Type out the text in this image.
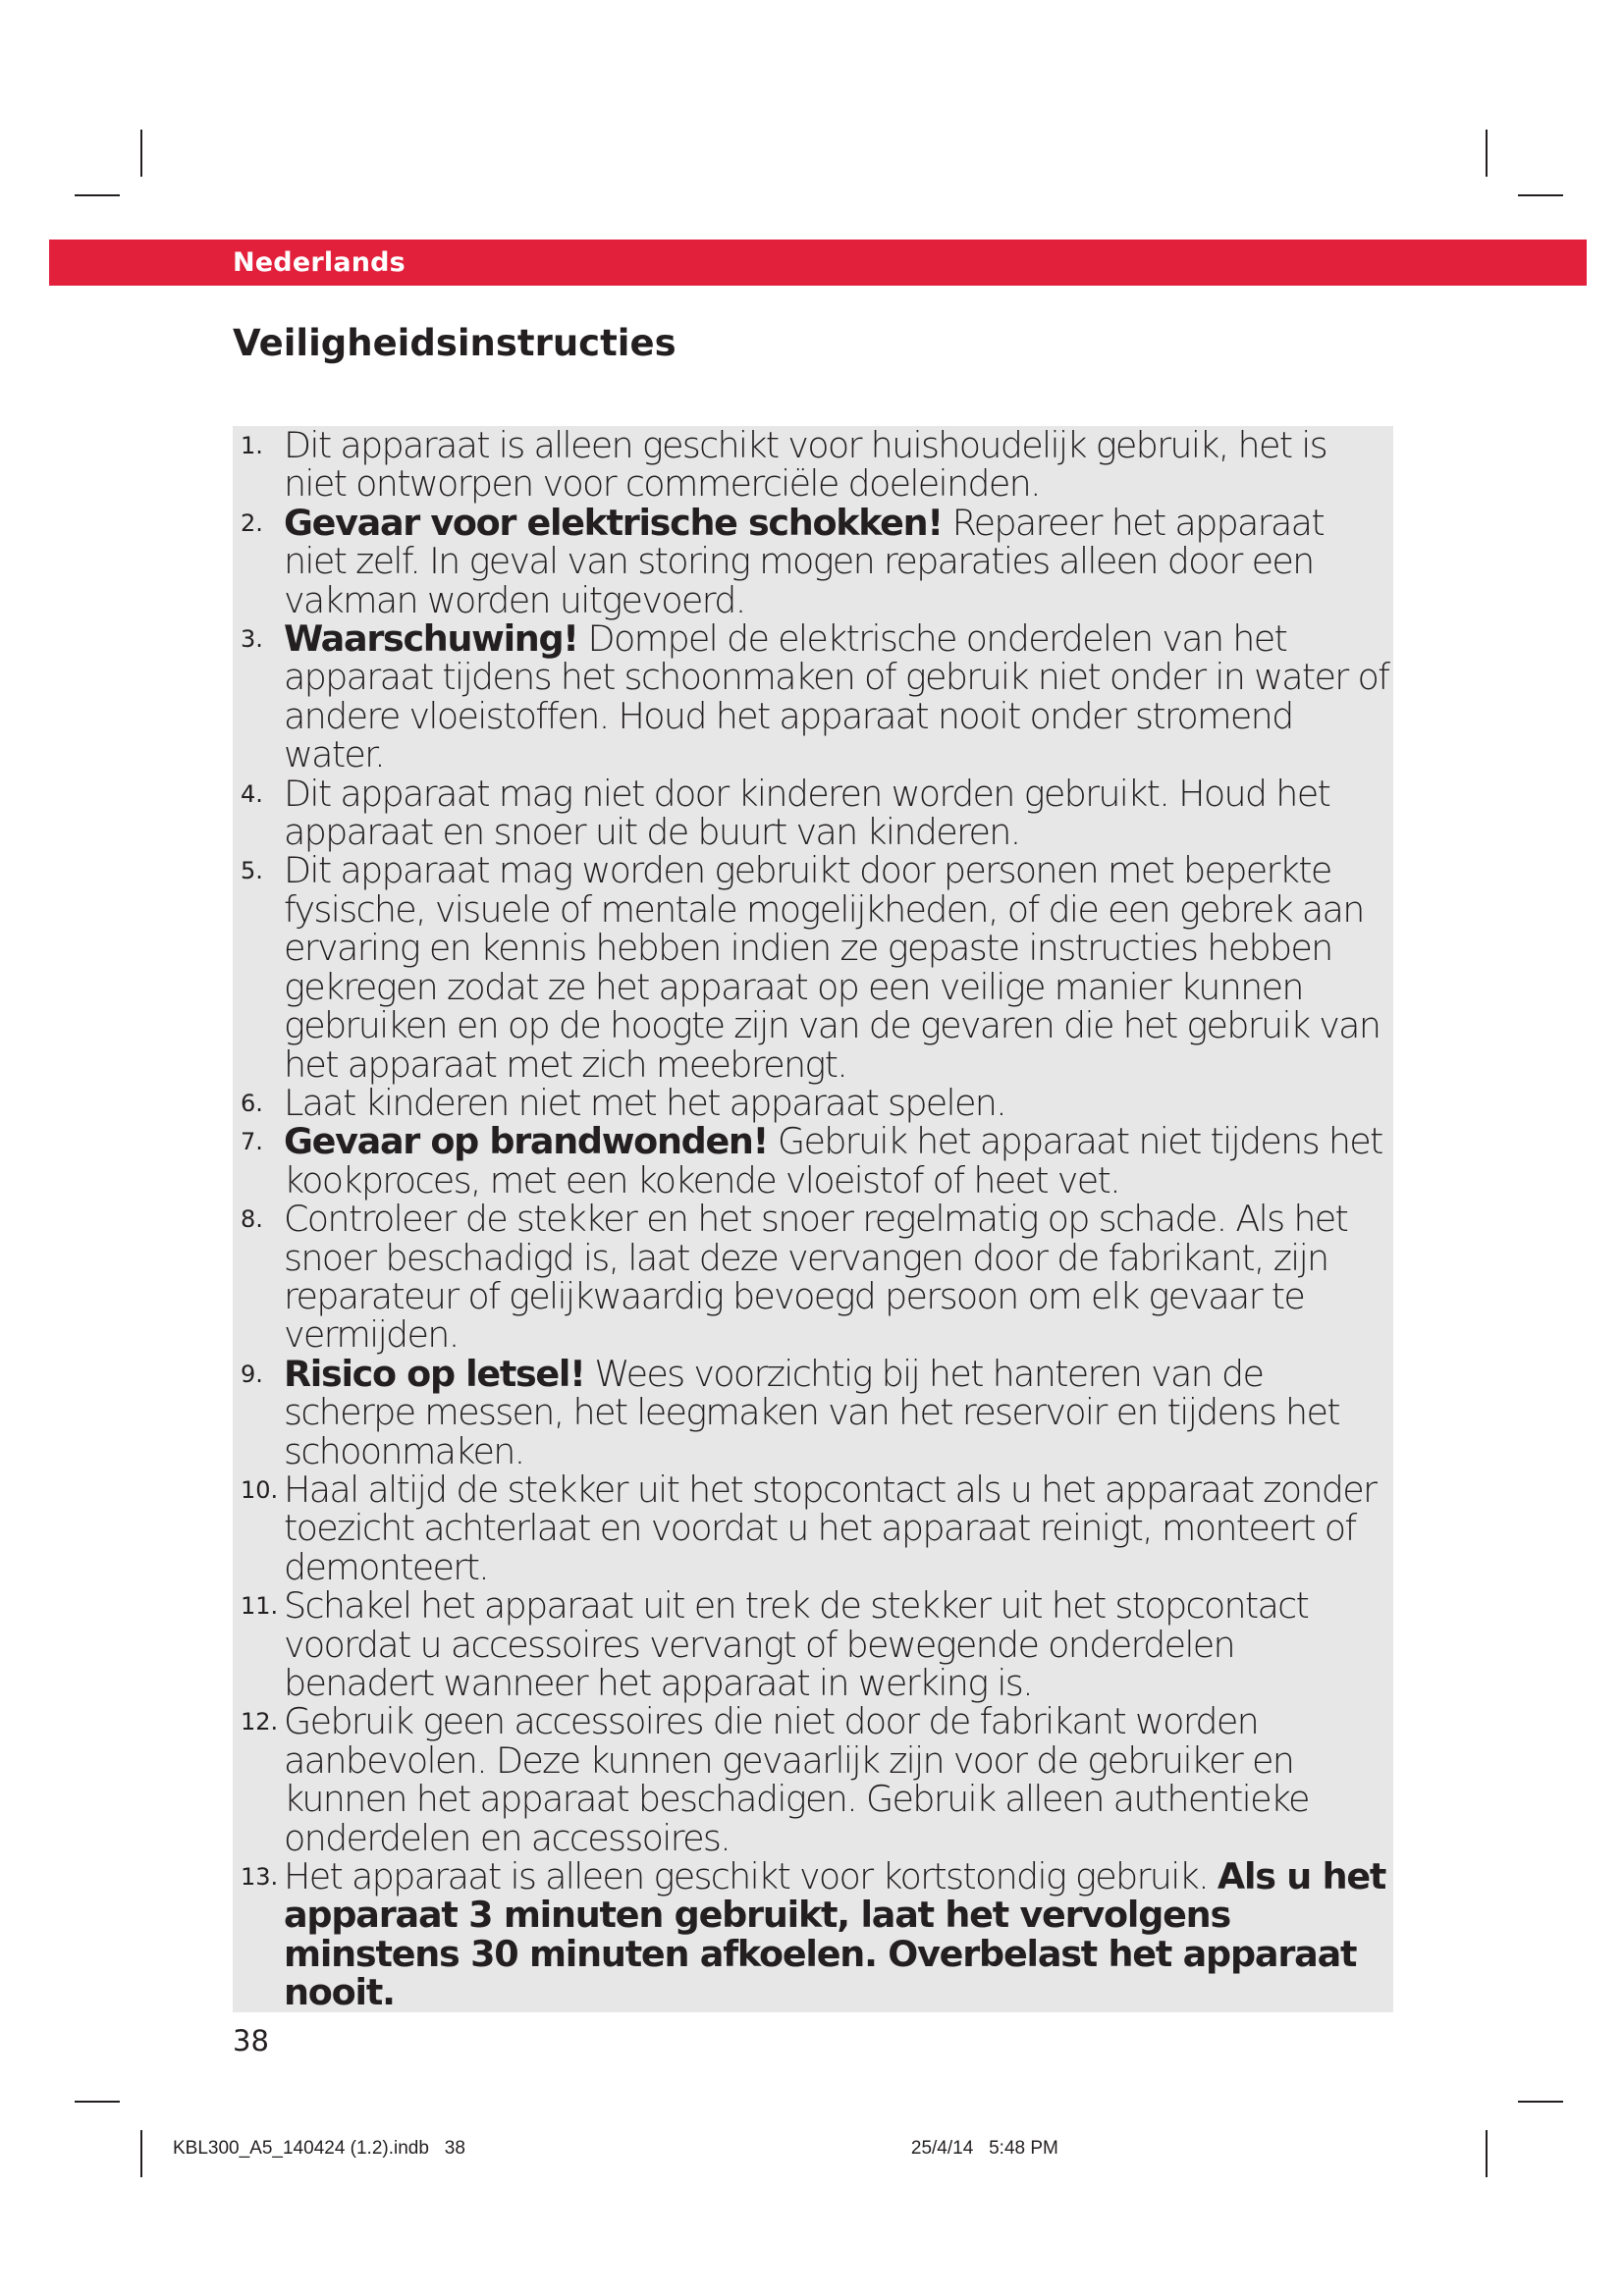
Nederlands
Veiligheidsinstructies
1. Dit apparaat is alleen geschikt voor huishoudelijk gebruik, het is niet ontworpen voor commerciële doeleinden.
2. Gevaar voor elektrische schokken! Repareer het apparaat niet zelf. In geval van storing mogen reparaties alleen door een vakman worden uitgevoerd.
3. Waarschuwing! Dompel de elektrische onderdelen van het apparaat tijdens het schoonmaken of gebruik niet onder in water of andere vloeistoffen. Houd het apparaat nooit onder stromend water.
4. Dit apparaat mag niet door kinderen worden gebruikt. Houd het apparaat en snoer uit de buurt van kinderen.
5. Dit apparaat mag worden gebruikt door personen met beperkte fysische, visuele of mentale mogelijkheden, of die een gebrek aan ervaring en kennis hebben indien ze gepaste instructies hebben gekregen zodat ze het apparaat op een veilige manier kunnen gebruiken en op de hoogte zijn van de gevaren die het gebruik van het apparaat met zich meebrengt.
6. Laat kinderen niet met het apparaat spelen.
7. Gevaar op brandwonden! Gebruik het apparaat niet tijdens het kookproces, met een kokende vloeistof of heet vet.
8. Controleer de stekker en het snoer regelmatig op schade. Als het snoer beschadigd is, laat deze vervangen door de fabrikant, zijn reparateur of gelijkwaardig bevoegd persoon om elk gevaar te vermijden.
9. Risico op letsel! Wees voorzichtig bij het hanteren van de scherpe messen, het leegmaken van het reservoir en tijdens het schoonmaken.
10. Haal altijd de stekker uit het stopcontact als u het apparaat zonder toezicht achterlaat en voordat u het apparaat reinigt, monteert of demonteert.
11. Schakel het apparaat uit en trek de stekker uit het stopcontact voordat u accessoires vervangt of bewegende onderdelen benadert wanneer het apparaat in werking is.
12. Gebruik geen accessoires die niet door de fabrikant worden aanbevolen. Deze kunnen gevaarlijk zijn voor de gebruiker en kunnen het apparaat beschadigen. Gebruik alleen authentieke onderdelen en accessoires.
13. Het apparaat is alleen geschikt voor kortstondig gebruik. Als u het apparaat 3 minuten gebruikt, laat het vervolgens minstens 30 minuten afkoelen. Overbelast het apparaat nooit.
38
KBL300_A5_140424 (1.2).indb   38                                                                                      25/4/14   5:48 PM
